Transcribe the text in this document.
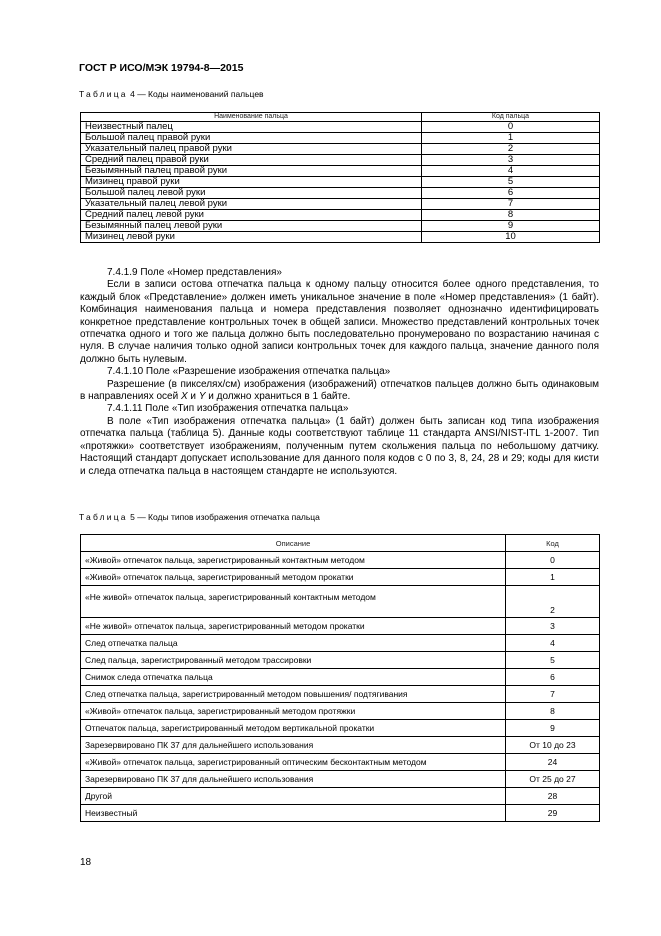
ГОСТ Р ИСО/МЭК 19794-8—2015
Таблица 4 — Коды наименований пальцев
Наименование пальца	Код пальца
Неизвестный палец	0
Большой палец правой руки	1
Указательный палец правой руки	2
Средний палец правой руки	3
Безымянный палец правой руки	4
Мизинец правой руки	5
Большой палец левой руки	6
Указательный палец левой руки	7
Средний палец левой руки	8
Безымянный палец левой руки	9
Мизинец левой руки	10

7.4.1.9 Поле «Номер представления»

Если в записи остова отпечатка пальца к одному пальцу относится более одного представления, то каждый блок «Представление» должен иметь уникальное значение в поле «Номер представления» (1 байт). Комбинация наименования пальца и номера представления позволяет однозначно идентифицировать конкретное представление контрольных точек в общей записи. Множество представлений контрольных точек отпечатка одного и того же пальца должно быть последовательно пронумеровано по возрастанию начиная с нуля. В случае наличия только одной записи контрольных точек для каждого пальца, значение данного поля должно быть нулевым.

7.4.1.10 Поле «Разрешение изображения отпечатка пальца»

Разрешение (в пикселях/см) изображения (изображений) отпечатков пальцев должно быть одинаковым в направлениях осей X и Y и должно храниться в 1 байте.

7.4.1.11 Поле «Тип изображения отпечатка пальца»

В поле «Тип изображения отпечатка пальца» (1 байт) должен быть записан код типа изображения отпечатка пальца (таблица 5). Данные коды соответствуют таблице 11 стандарта ANSI/NIST-ITL 1-2007. Тип «протяжки» соответствует изображениям, полученным путем скольжения пальца по небольшому датчику. Настоящий стандарт допускает использование для данного поля кодов с 0 по 3, 8, 24, 28 и 29; коды для кисти и следа отпечатка пальца в настоящем стандарте не используются.

Таблица 5 — Коды типов изображения отпечатка пальца
Описание	Код
«Живой» отпечаток пальца, зарегистрированный контактным методом	0
«Живой» отпечаток пальца, зарегистрированный методом прокатки	1
«Не живой» отпечаток пальца, зарегистрированный контактным методом	2
«Не живой» отпечаток пальца, зарегистрированный методом прокатки	3
След отпечатка пальца	4
След пальца, зарегистрированный методом трассировки	5
Снимок следа отпечатка пальца	6
След отпечатка пальца, зарегистрированный методом повышения/ подтягивания	7
«Живой» отпечаток пальца, зарегистрированный методом протяжки	8
Отпечаток пальца, зарегистрированный методом вертикальной прокатки	9
Зарезервировано ПК 37 для дальнейшего использования	От 10 до 23
«Живой» отпечаток пальца, зарегистрированный оптическим бесконтактным методом	24
Зарезервировано ПК 37 для дальнейшего использования	От 25 до 27
Другой	28
Неизвестный	29
18
